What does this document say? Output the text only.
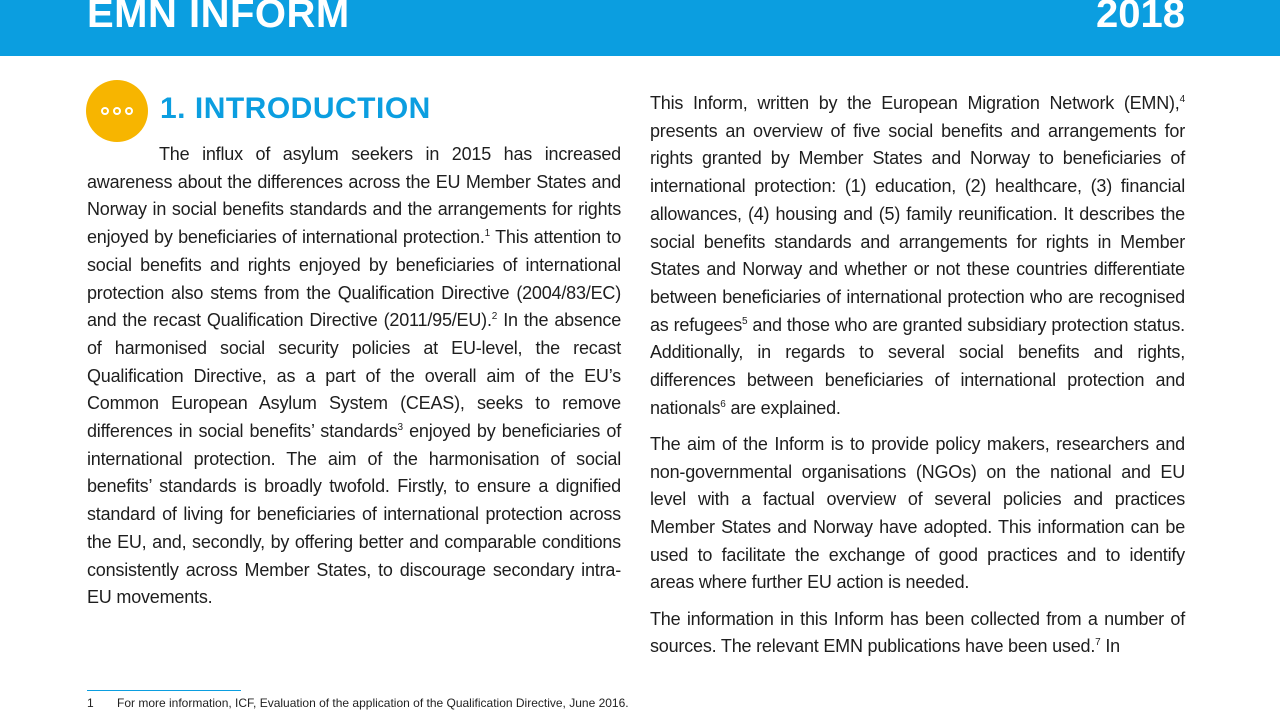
EMN INFORM	2018
1. INTRODUCTION

The influx of asylum seekers in 2015 has increased awareness about the differences across the EU Member States and Norway in social benefits standards and the arrangements for rights enjoyed by beneficiaries of international protection.$^1$ This attention to social benefits and rights enjoyed by beneficiaries of international protection also stems from the Qualification Directive (2004/83/EC) and the recast Qualification Directive (2011/95/EU).$^2$ In the absence of harmonised social security policies at EU-level, the recast Qualification Directive, as a part of the overall aim of the EU’s Common European Asylum System (CEAS), seeks to remove differences in social benefits’ standards$^3$ enjoyed by beneficiaries of international protection. The aim of the harmonisation of social benefits’ standards is broadly twofold. Firstly, to ensure a dignified standard of living for beneficiaries of international protection across the EU, and, secondly, by offering better and comparable conditions consistently across Member States, to discourage secondary intra-EU movements.

This Inform, written by the European Migration Network (EMN),$^4$ presents an overview of five social benefits and arrangements for rights granted by Member States and Norway to beneficiaries of international protection: (1) education, (2) healthcare, (3) financial allowances, (4) housing and (5) family reunification. It describes the social benefits standards and arrangements for rights in Member States and Norway and whether or not these countries differentiate between beneficiaries of international protection who are recognised as refugees$^5$ and those who are granted subsidiary protection status. Additionally, in regards to several social benefits and rights, differences between beneficiaries of international protection and nationals$^6$ are explained.

The aim of the Inform is to provide policy makers, researchers and non-governmental organisations (NGOs) on the national and EU level with a factual overview of several policies and practices Member States and Norway have adopted. This information can be used to facilitate the exchange of good practices and to identify areas where further EU action is needed.

The information in this Inform has been collected from a number of sources. The relevant EMN publications have been used.$^7$ In

1 For more information, ICF, Evaluation of the application of the Qualification Directive, June 2016.
